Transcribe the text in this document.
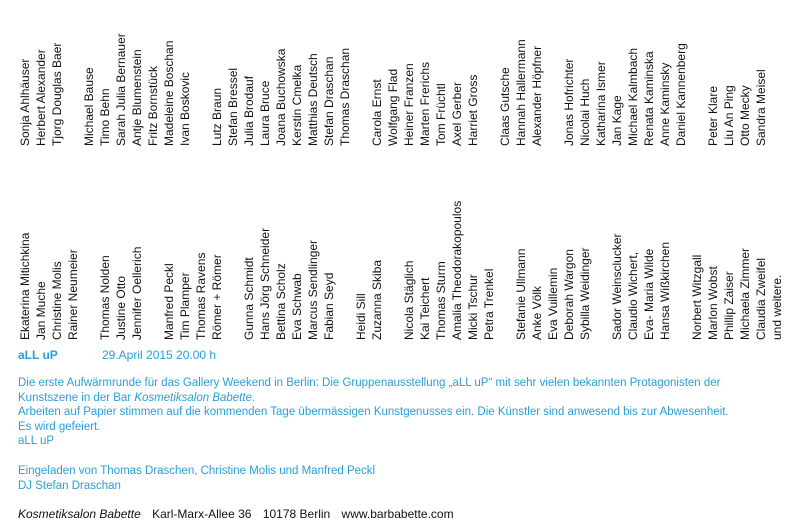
Sonja Ahlhäuser Herbert Alexander Tjorg Douglas Baer Michael Bause Timo Behn Sarah Julia Bernauer Antje Blumenstein Fritz Bornstück Madeleine Boschan Ivan Boskovic Lutz Braun Stefan Bressel Julia Brodauf Laura Bruce Joana Buchowska Kerstin Cmelka Matthias Deutsch Stefan Draschan Thomas Draschan Carola Ernst Wolfgang Flad Heiner Franzen Marten Frerichs Tom Früchtl Axel Gerber Harriet Gross Claas Gutsche Hannah Hallermann Alexander Höpfner Jonas Hofrichter Nicolai Huch Katharina Ismer Jan Kage Michael Kalmbach Renata Kaminska Anne Kaminsky Daniel Kannenberg Peter Klare Liu An Ping Otto Mecky Sandra Meisel
Ekaterina Mitichkina Jan Muche Christine Molis Rainer Neumeier Thomas Nolden Justine Otto Jennifer Oellerich Manfred Peckl Tim Plamper Thomas Ravens Römer + Römer Gunna Schmidt Hans Jörg Schneider Bettina Scholz Eva Schwab Marcus Sendlinger Fabian Seyd Heidi Sill Zuzanna Skiba Nicola Stäglich Kai Teichert Thomas Sturm Amalia Theodorakopoulos Micki Tschur Petra Trenkel Stefanie Ullmann Anke Völk Eva Vuillemin Deborah Wargon Sybilla Weidinger Sador Weinsclucker Claudio Wichert, Eva- Maria Wilde Hansa Wißkirchen Norbert Witzgall Marlon Wobst Phillip Zaiser Michaela Zimmer Claudia Zweifel und weitere.
aLL uP	29.April 2015 20.00 h

Die erste Aufwärmrunde für das Gallery Weekend in Berlin: Die Gruppenausstellung „aLL uP“ mit sehr vielen bekannten Protagonisten der Kunstszene in der Bar Kosmetiksalon Babette.

Arbeiten auf Papier stimmen auf die kommenden Tage übermässigen Kunstgenusses ein. Die Künstler sind anwesend bis zur Abwesenheit.

Es wird gefeiert.

aLL uP

Eingeladen von Thomas Draschen, Christine Molis und Manfred Peckl

DJ Stefan Draschan

Kosmetiksalon Babette Karl-Marx-Allee 36 10178 Berlin www.barbabette.com
